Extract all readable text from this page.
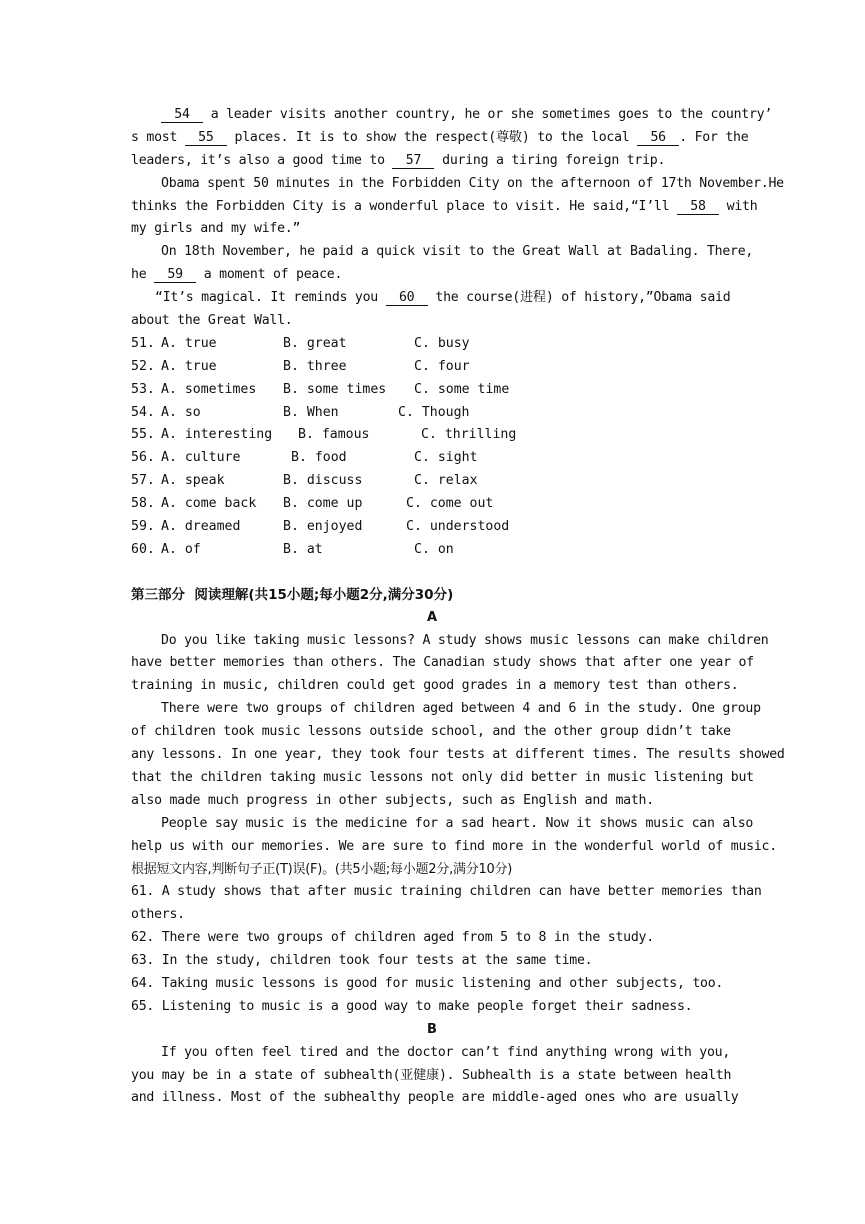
54 a leader visits another country, he or she sometimes goes to the country’
s most 55 places. It is to show the respect(尊敬) to the local 56 . For the
leaders, it’s also a good time to 57 during a tiring foreign trip.
Obama spent 50 minutes in the Forbidden City on the afternoon of 17th November.He
thinks the Forbidden City is a wonderful place to visit. He said,“I’ll 58 with
my girls and my wife.”
On 18th November, he paid a quick visit to the Great Wall at Badaling. There,
he 59 a moment of peace.
“It’s magical. It reminds you 60 the course(进程) of history,”Obama said
about the Great Wall.
51. A. true	B. great	C. busy
52. A. true	B. three	C. four
53. A. sometimes	B. some times	C. some time
54. A. so	B. When	C. Though
55. A. interesting	B. famous	C. thrilling
56. A. culture	B. food	C. sight
57. A. speak	B. discuss	C. relax
58. A. come back	B. come up	C. come out
59. A. dreamed	B. enjoyed	C. understood
60. A. of	B. at	C. on
第三部分  阅读理解(共15小题;每小题2分,满分30分)
A
Do you like taking music lessons? A study shows music lessons can make children
have better memories than others. The Canadian study shows that after one year of
training in music, children could get good grades in a memory test than others.
There were two groups of children aged between 4 and 6 in the study. One group
of children took music lessons outside school, and the other group didn’t take
any lessons. In one year, they took four tests at different times. The results showed
that the children taking music lessons not only did better in music listening but
also made much progress in other subjects, such as English and math.
People say music is the medicine for a sad heart. Now it shows music can also
help us with our memories. We are sure to find more in the wonderful world of music.
根据短文内容,判断句子正(T)误(F)。(共5小题;每小题2分,满分10分)
61. A study shows that after music training children can have better memories than
others.
62. There were two groups of children aged from 5 to 8 in the study.
63. In the study, children took four tests at the same time.
64. Taking music lessons is good for music listening and other subjects, too.
65. Listening to music is a good way to make people forget their sadness.
B
If you often feel tired and the doctor can’t find anything wrong with you,
you may be in a state of subhealth(亚健康). Subhealth is a state between health
and illness. Most of the subhealthy people are middle-aged ones who are usually
